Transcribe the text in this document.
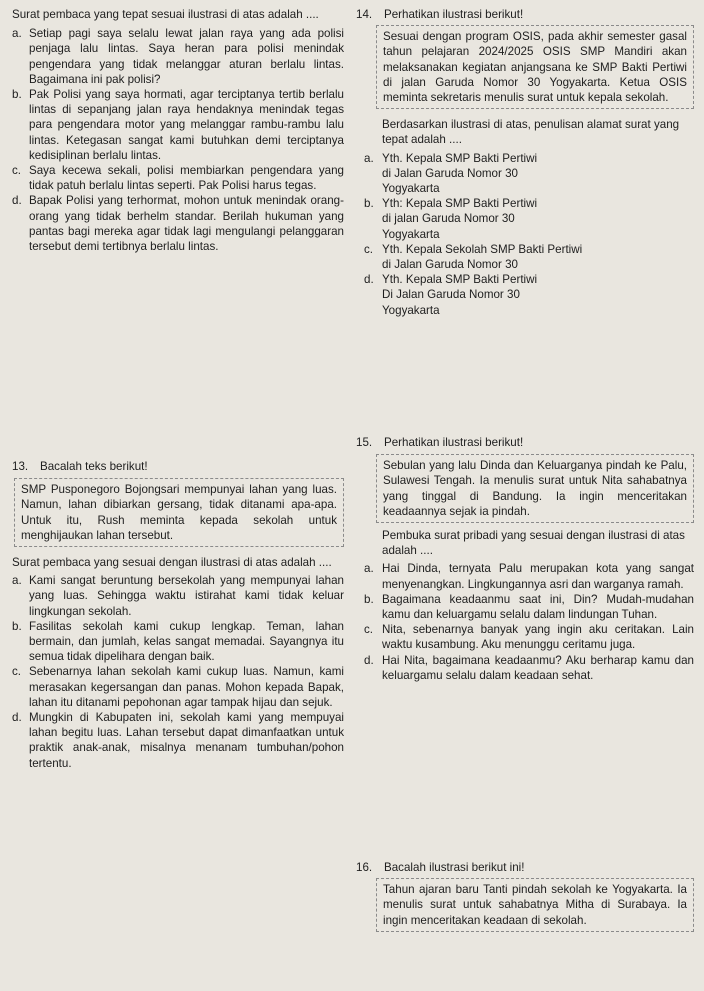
Surat pembaca yang tepat sesuai ilustrasi di atas adalah ....

a. Setiap pagi saya selalu lewat jalan raya yang ada polisi penjaga lalu lintas. Saya heran para polisi menindak pengendara yang tidak melanggar aturan berlalu lintas. Bagaimana ini pak polisi?
b. Pak Polisi yang saya hormati, agar terciptanya tertib berlalu lintas di sepanjang jalan raya hendaknya menindak tegas para pengendara motor yang melanggar rambu-rambu lalu lintas. Ketegasan sangat kami butuhkan demi terciptanya kedisiplinan berlalu lintas.
c. Saya kecewa sekali, polisi membiarkan pengendara yang tidak patuh berlalu lintas seperti. Pak Polisi harus tegas.
d. Bapak Polisi yang terhormat, mohon untuk menindak orang-orang yang tidak berhelm standar. Berilah hukuman yang pantas bagi mereka agar tidak lagi mengulangi pelanggaran tersebut demi tertibnya berlalu lintas.
13. Bacalah teks berikut!
SMP Pusponegoro Bojongsari mempunyai lahan yang luas. Namun, lahan dibiarkan gersang, tidak ditanami apa-apa. Untuk itu, Rush meminta kepada sekolah untuk menghijaukan lahan tersebut.

Surat pembaca yang sesuai dengan ilustrasi di atas adalah ....

a. Kami sangat beruntung bersekolah yang mempunyai lahan yang luas. Sehingga waktu istirahat kami tidak keluar lingkungan sekolah.
b. Fasilitas sekolah kami cukup lengkap. Teman, lahan bermain, dan jumlah, kelas sangat memadai. Sayangnya itu semua tidak dipelihara dengan baik.
c. Sebenarnya lahan sekolah kami cukup luas. Namun, kami merasakan kegersangan dan panas. Mohon kepada Bapak, lahan itu ditanami pepohonan agar tampak hijau dan sejuk.
d. Mungkin di Kabupaten ini, sekolah kami yang mempuyai lahan begitu luas. Lahan tersebut dapat dimanfaatkan untuk praktik anak-anak, misalnya menanam tumbuhan/pohon tertentu.
14. Perhatikan ilustrasi berikut!
Sesuai dengan program OSIS, pada akhir semester gasal tahun pelajaran 2024/2025 OSIS SMP Mandiri akan melaksanakan kegiatan anjangsana ke SMP Bakti Pertiwi di jalan Garuda Nomor 30 Yogyakarta. Ketua OSIS meminta sekretaris menulis surat untuk kepala sekolah.

Berdasarkan ilustrasi di atas, penulisan alamat surat yang tepat adalah ....

a. Yth. Kepala SMP Bakti Pertiwi
di Jalan Garuda Nomor 30
Yogyakarta
b. Yth: Kepala SMP Bakti Pertiwi
di jalan Garuda Nomor 30
Yogyakarta
c. Yth. Kepala Sekolah SMP Bakti Pertiwi
di Jalan Garuda Nomor 30
d. Yth. Kepala SMP Bakti Pertiwi
Di Jalan Garuda Nomor 30
Yogyakarta
15. Perhatikan ilustrasi berikut!
Sebulan yang lalu Dinda dan Keluarganya pindah ke Palu, Sulawesi Tengah. Ia menulis surat untuk Nita sahabatnya yang tinggal di Bandung. Ia ingin menceritakan keadaannya sejak ia pindah.

Pembuka surat pribadi yang sesuai dengan ilustrasi di atas adalah ....

a. Hai Dinda, ternyata Palu merupakan kota yang sangat menyenangkan. Lingkungannya asri dan warganya ramah.
b. Bagaimana keadaanmu saat ini, Din? Mudah-mudahan kamu dan keluargamu selalu dalam lindungan Tuhan.
c. Nita, sebenarnya banyak yang ingin aku ceritakan. Lain waktu kusambung. Aku menunggu ceritamu juga.
d. Hai Nita, bagaimana keadaanmu? Aku berharap kamu dan keluargamu selalu dalam keadaan sehat.
16. Bacalah ilustrasi berikut ini!
Tahun ajaran baru Tanti pindah sekolah ke Yogyakarta. Ia menulis surat untuk sahabatnya Mitha di Surabaya. Ia ingin menceritakan keadaan di sekolah.
